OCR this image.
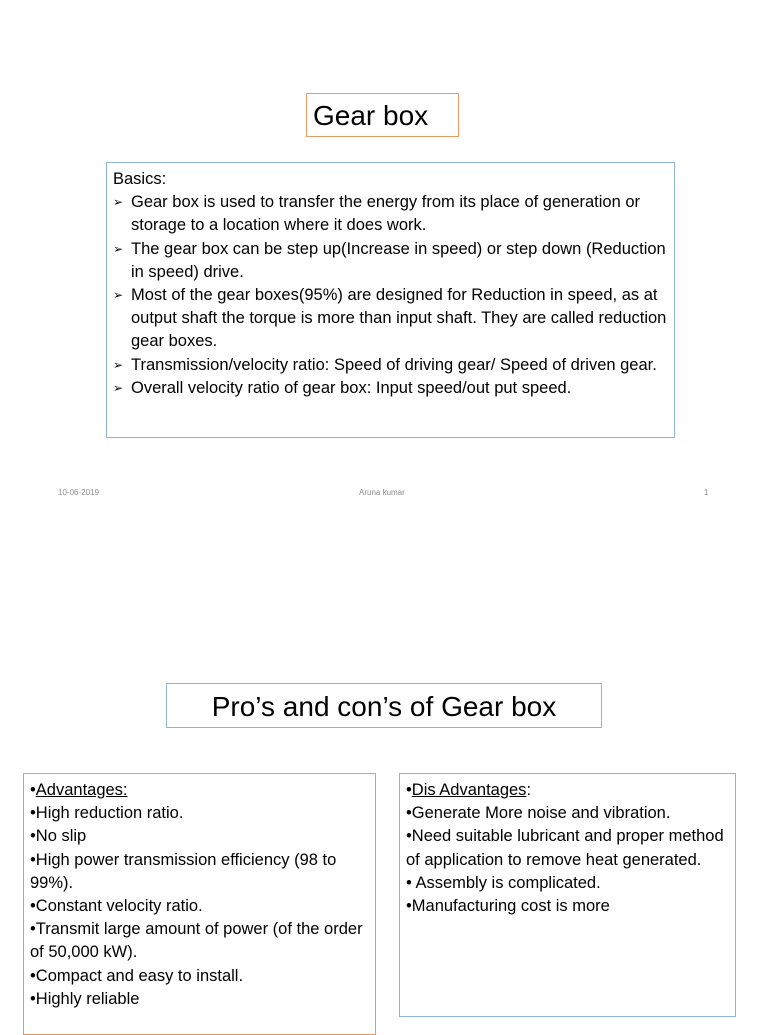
Gear box

Basics:

➢ Gear box is used to transfer the energy from its place of generation or storage to a location where it does work.
➢ The gear box can be step up(Increase in speed) or step down (Reduction in speed) drive.
➢ Most of the gear boxes(95%) are designed for Reduction in speed, as at output shaft the torque is more than input shaft. They are called reduction gear boxes.
➢ Transmission/velocity ratio: Speed of driving gear/ Speed of driven gear.
➢ Overall velocity ratio of gear box: Input speed/out put speed.
10-06-2019	Aruna kumar	1
Pro’s and con’s of Gear box
•Advantages:
•High reduction ratio.
•No slip
•High power transmission efficiency (98 to 99%).
•Constant velocity ratio.
•Transmit large amount of power (of the order of 50,000 kW).
•Compact and easy to install.
•Highly reliable
•Dis Advantages:
•Generate More noise and vibration.
•Need suitable lubricant and proper method of application to remove heat generated.
• Assembly is complicated.
•Manufacturing cost is more
